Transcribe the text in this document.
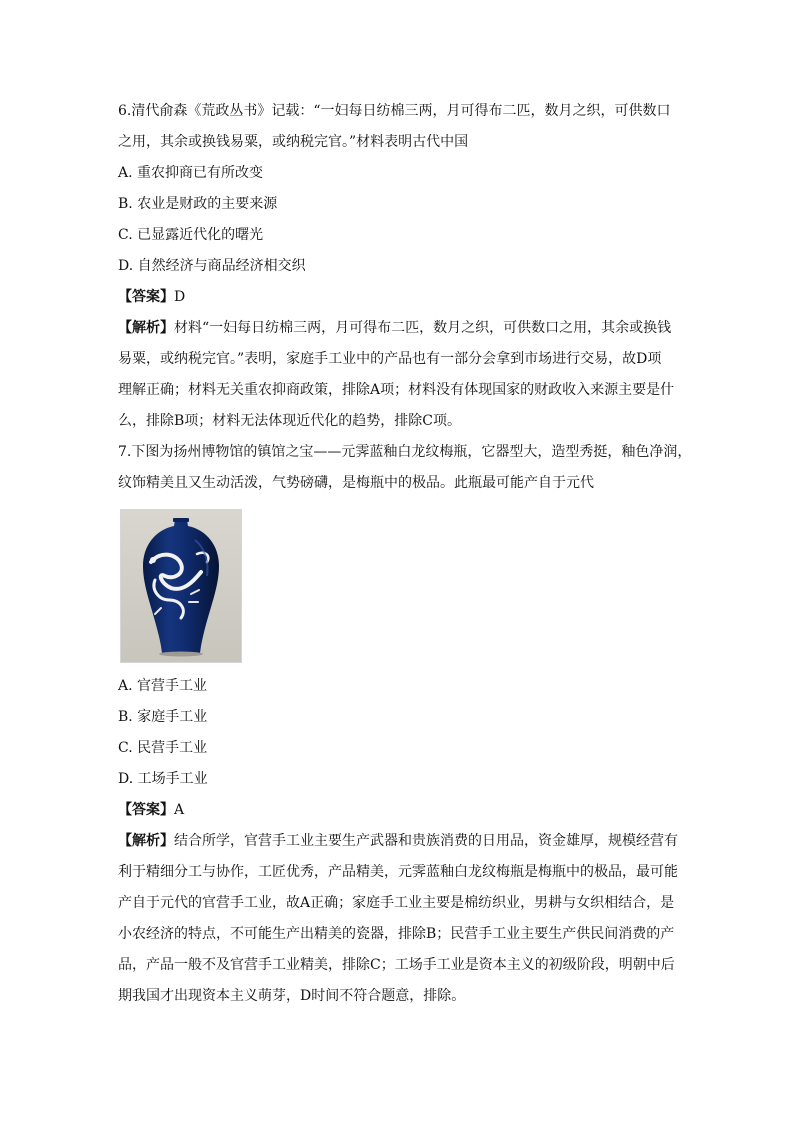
6.清代俞森《荒政丛书》记载：“一妇每日纺棉三两，月可得布二匹，数月之织，可供数口

之用，其余或换钱易粟，或纳税完官。”材料表明古代中国

A. 重农抑商已有所改变

B. 农业是财政的主要来源

C. 已显露近代化的曙光

D. 自然经济与商品经济相交织

【答案】D

【解析】材料“一妇每日纺棉三两，月可得布二匹，数月之织，可供数口之用，其余或换钱

易粟，或纳税完官。”表明，家庭手工业中的产品也有一部分会拿到市场进行交易，故D项

理解正确；材料无关重农抑商政策，排除A项；材料没有体现国家的财政收入来源主要是什

么，排除B项；材料无法体现近代化的趋势，排除C项。

7.下图为扬州博物馆的镇馆之宝——元霁蓝釉白龙纹梅瓶，它器型大，造型秀挺，釉色净润，

纹饰精美且又生动活泼，气势磅礴，是梅瓶中的极品。此瓶最可能产自于元代

A. 官营手工业

B. 家庭手工业

C. 民营手工业

D. 工场手工业

【答案】A

【解析】结合所学，官营手工业主要生产武器和贵族消费的日用品，资金雄厚，规模经营有

利于精细分工与协作，工匠优秀，产品精美，元霁蓝釉白龙纹梅瓶是梅瓶中的极品，最可能

产自于元代的官营手工业，故A正确；家庭手工业主要是棉纺织业，男耕与女织相结合，是

小农经济的特点，不可能生产出精美的瓷器，排除B；民营手工业主要生产供民间消费的产

品，产品一般不及官营手工业精美，排除C；工场手工业是资本主义的初级阶段，明朝中后

期我国才出现资本主义萌芽，D时间不符合题意，排除。
